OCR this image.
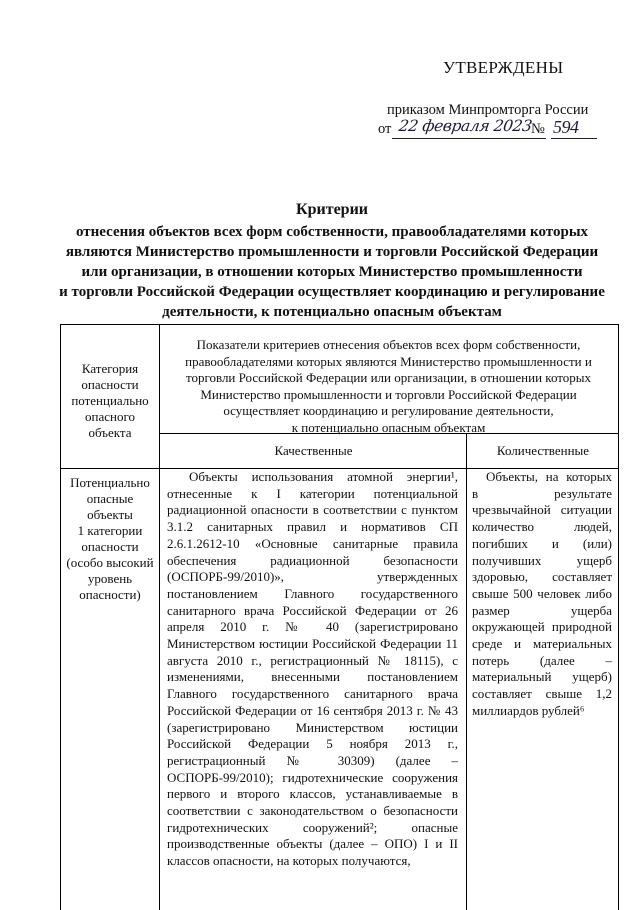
УТВЕРЖДЕНЫ
приказом Минпромторга России
от 22 февраля 2023
№ 594
Критерии
отнесения объектов всех форм собственности, правообладателями которых
являются Министерство промышленности и торговли Российской Федерации
или организации, в отношении которых Министерство промышленности
и торговли Российской Федерации осуществляет координацию и регулирование
деятельности, к потенциально опасным объектам
Категория
опасности
потенциально
опасного
объекта
Показатели критериев отнесения объектов всех форм собственности,
правообладателями которых являются Министерство промышленности и
торговли Российской Федерации или организации, в отношении которых
Министерство промышленности и торговли Российской Федерации
осуществляет координацию и регулирование деятельности,
к потенциально опасным объектам
Качественные	Количественные
Потенциально
опасные
объекты
1 категории
опасности
(особо высокий
уровень
опасности)

Объекты использования атомной энергии¹, отнесенные к I категории потенциальной радиационной опасности в соответствии с пунктом 3.1.2 санитарных правил и нормативов СП 2.6.1.2612-10 «Основные санитарные правила обеспечения радиационной безопасности (ОСПОРБ-99/2010)», утвержденных постановлением Главного государственного санитарного врача Российской Федерации от 26 апреля 2010 г. № 40 (зарегистрировано Министерством юстиции Российской Федерации 11 августа 2010 г., регистрационный № 18115), с изменениями, внесенными постановлением Главного государственного санитарного врача Российской Федерации от 16 сентября 2013 г. № 43 (зарегистрировано Министерством юстиции Российской Федерации 5 ноября 2013 г., регистрационный № 30309) (далее – ОСПОРБ-99/2010); гидротехнические сооружения первого и второго классов, устанавливаемые в соответствии с законодательством о безопасности гидротехнических сооружений²; опасные производственные объекты (далее – ОПО) I и II классов опасности, на которых получаются,

Объекты, на которых в результате чрезвычайной ситуации количество людей, погибших и (или) получивших ущерб здоровью, составляет свыше 500 человек либо размер ущерба окружающей природной среде и материальных потерь (далее – материальный ущерб) составляет свыше 1,2 миллиардов рублей⁶
